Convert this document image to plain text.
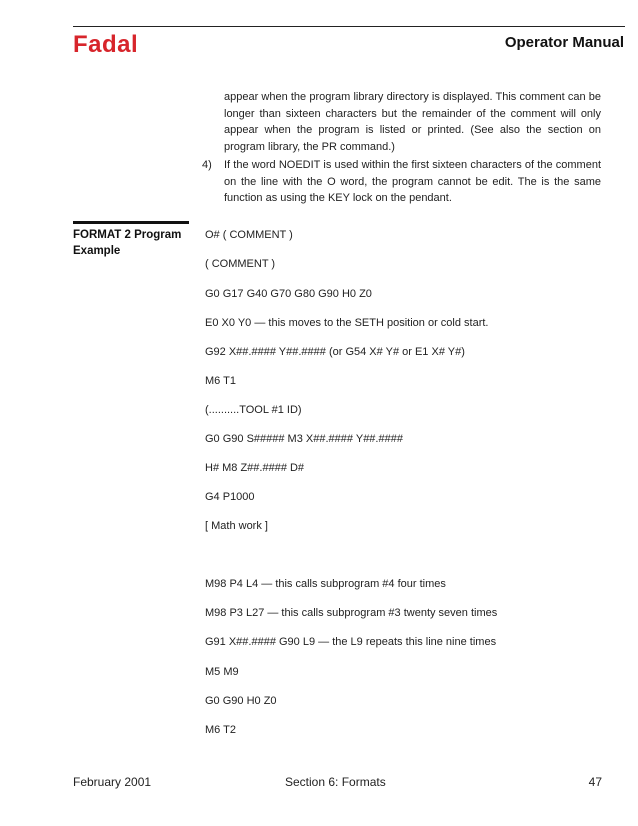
Fadal	Operator Manual
appear when the program library directory is displayed. This comment can be longer than sixteen characters but the remainder of the comment will only appear when the program is listed or printed. (See also the section on program library, the PR command.)
4) If the word NOEDIT is used within the first sixteen characters of the comment on the line with the O word, the program cannot be edit. The is the same function as using the KEY lock on the pendant.
FORMAT 2 Program Example
O# ( COMMENT )
( COMMENT )
G0 G17 G40 G70 G80 G90 H0 Z0
E0 X0 Y0 — this moves to the SETH position or cold start.
G92 X##.#### Y##.#### (or G54 X# Y# or E1 X# Y#)
M6 T1
(..........TOOL #1 ID)
G0 G90 S##### M3 X##.#### Y##.####
H# M8 Z##.#### D#
G4 P1000
[ Math work ]
M98 P4 L4 — this calls subprogram #4 four times
M98 P3 L27 — this calls subprogram #3 twenty seven times
G91 X##.#### G90 L9 — the L9 repeats this line nine times
M5 M9
G0 G90 H0 Z0
M6 T2
February 2001	Section 6: Formats	47
